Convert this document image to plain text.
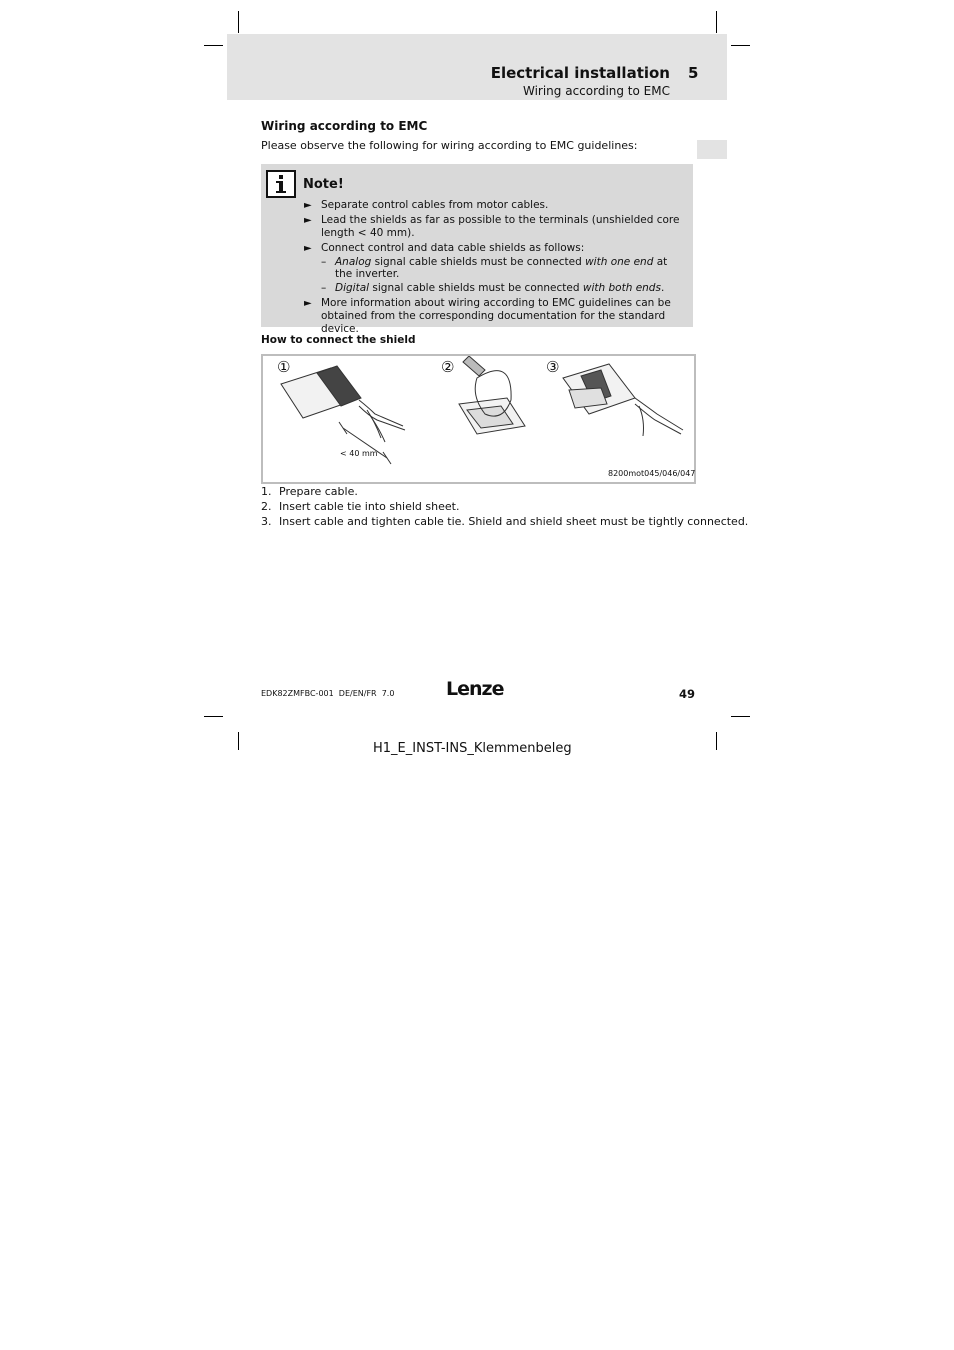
Electrical installation 5
Wiring according to EMC
Wiring according to EMC
Please observe the following for wiring according to EMC guidelines:
Note!
► Separate control cables from motor cables.
► Lead the shields as far as possible to the terminals (unshielded core length < 40 mm).
► Connect control and data cable shields as follows:
– Analog signal cable shields must be connected with one end at the inverter.
– Digital signal cable shields must be connected with both ends.
► More information about wiring according to EMC guidelines can be obtained from the corresponding documentation for the standard device.
How to connect the shield
①	②	③
< 40 mm
8200mot045/046/047
1. Prepare cable.
2. Insert cable tie into shield sheet.
3. Insert cable and tighten cable tie. Shield and shield sheet must be tightly connected.
EDK82ZMFBC-001  DE/EN/FR  7.0	Lenze	49
H1_E_INST-INS_Klemmenbeleg
